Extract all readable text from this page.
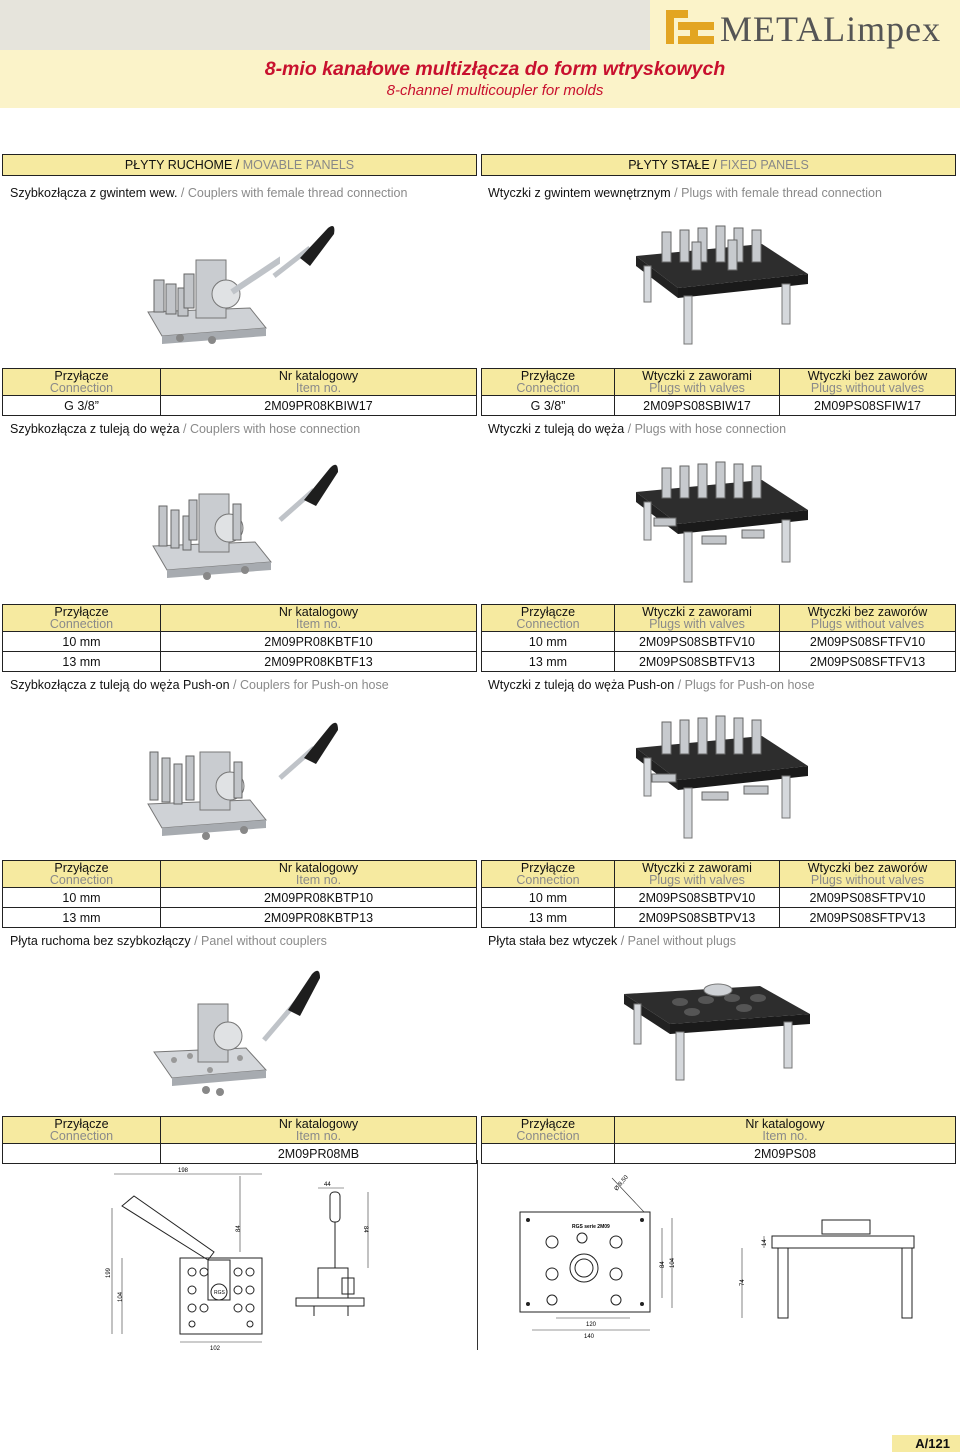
METALimpex
8-mio kanałowe multizłącza do form wtryskowych
8-channel multicoupler for molds
PŁYTY RUCHOME / MOVABLE PANELS	PŁYTY STAŁE / FIXED PANELS
Szybkozłącza z gwintem wew. / Couplers with female thread connection	Wtyczki z gwintem wewnętrznym / Plugs with female thread connection
Przyłącze
Connection	Nr katalogowy
Item no.

G 3/8”	2M09PR08KBIW17
Przyłącze
Connection	Wtyczki z zaworami
Plugs with valves	Wtyczki bez zaworów
Plugs without valves

G 3/8”	2M09PS08SBIW17	2M09PS08SFIW17
Szybkozłącza z tuleją do węża / Couplers with hose connection	Wtyczki z tuleją do węża / Plugs with hose connection
Przyłącze
Connection	Nr katalogowy
Item no.

10 mm	2M09PR08KBTF10
13 mm	2M09PR08KBTF13
Przyłącze
Connection	Wtyczki z zaworami
Plugs with valves	Wtyczki bez zaworów
Plugs without valves

10 mm	2M09PS08SBTFV10	2M09PS08SFTFV10
13 mm	2M09PS08SBTFV13	2M09PS08SFTFV13
Szybkozłącza z tuleją do węża Push-on / Couplers for Push-on hose	Wtyczki z tuleją do węża Push-on / Plugs for Push-on hose
Przyłącze
Connection	Nr katalogowy
Item no.

10 mm	2M09PR08KBTP10
13 mm	2M09PR08KBTP13
Przyłącze
Connection	Wtyczki z zaworami
Plugs with valves	Wtyczki bez zaworów
Plugs without valves

10 mm	2M09PS08SBTPV10	2M09PS08SFTPV10
13 mm	2M09PS08SBTPV13	2M09PS08SFTPV13
Płyta ruchoma bez szybkozłączy / Panel without couplers	Płyta stała bez wtyczek / Panel without plugs
Przyłącze
Connection	Nr katalogowy
Item no.

	2M09PR08MB
Przyłącze
Connection	Nr katalogowy
Item no.

	2M09PS08
198
RGS
199
104
84
102
44
84
Ø 8,50
RGS serie 2M09
84 104
120
140
14
74
A/121
